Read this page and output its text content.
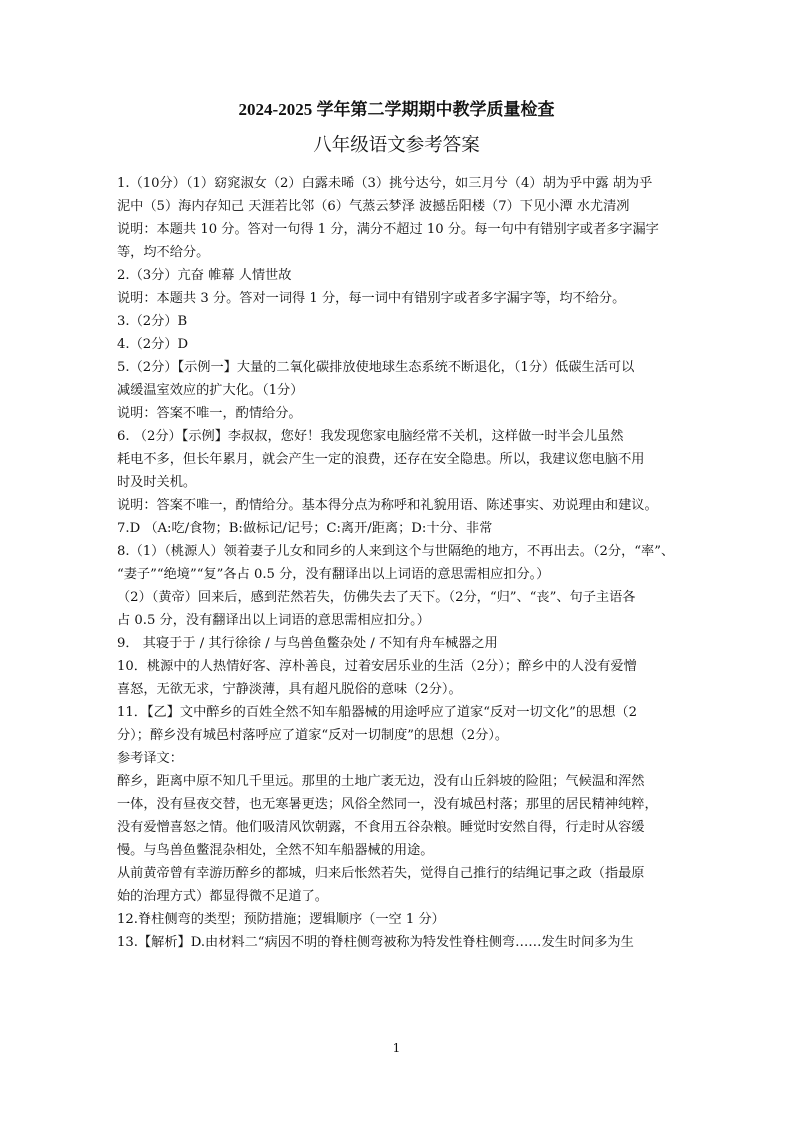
2024-2025 学年第二学期期中教学质量检查
八年级语文参考答案
1.（10分）（1）窈窕淑女（2）白露未晞（3）挑兮达兮，如三月兮（4）胡为乎中露 胡为乎
泥中（5）海内存知己 天涯若比邻（6）气蒸云梦泽 波撼岳阳楼（7）下见小潭 水尤清冽
说明：本题共 10 分。答对一句得 1 分，满分不超过 10 分。每一句中有错别字或者多字漏字
等，均不给分。
2.（3分）亢奋 帷幕 人情世故
说明：本题共 3 分。答对一词得 1 分，每一词中有错别字或者多字漏字等，均不给分。
3.（2分）B
4.（2分）D
5.（2分）【示例一】大量的二氧化碳排放使地球生态系统不断退化，（1分）低碳生活可以
减缓温室效应的扩大化。（1分）
说明：答案不唯一，酌情给分。
6. （2分）【示例】李叔叔，您好！我发现您家电脑经常不关机，这样做一时半会儿虽然
耗电不多，但长年累月，就会产生一定的浪费，还存在安全隐患。所以，我建议您电脑不用
时及时关机。
说明：答案不唯一，酌情给分。基本得分点为称呼和礼貌用语、陈述事实、劝说理由和建议。
7.D （A:吃/食物；B:做标记/记号；C:离开/距离；D:十分、非常
8.（1）（桃源人）领着妻子儿女和同乡的人来到这个与世隔绝的地方，不再出去。（2分，“率”、
“妻子”“绝境”“复”各占 0.5 分，没有翻译出以上词语的意思需相应扣分。）
（2）（黄帝）回来后，感到茫然若失，仿佛失去了天下。（2分，“归”、“丧”、句子主语各
占 0.5 分，没有翻译出以上词语的意思需相应扣分。）
9． 其寝于于 / 其行徐徐 / 与鸟兽鱼鳖杂处 / 不知有舟车械器之用
10．桃源中的人热情好客、淳朴善良，过着安居乐业的生活（2分）；醉乡中的人没有爱憎
喜怒，无欲无求，宁静淡薄，具有超凡脱俗的意味（2分）。
11．【乙】文中醉乡的百姓全然不知车船器械的用途呼应了道家“反对一切文化”的思想（2
分）；醉乡没有城邑村落呼应了道家“反对一切制度”的思想（2分）。
参考译文：
醉乡，距离中原不知几千里远。那里的土地广袤无边，没有山丘斜坡的险阻；气候温和浑然
一体，没有昼夜交替，也无寒暑更迭；风俗全然同一，没有城邑村落；那里的居民精神纯粹，
没有爱憎喜怒之情。他们吸清风饮朝露，不食用五谷杂粮。睡觉时安然自得，行走时从容缓
慢。与鸟兽鱼鳖混杂相处，全然不知车船器械的用途。
从前黄帝曾有幸游历醉乡的都城，归来后怅然若失，觉得自己推行的结绳记事之政（指最原
始的治理方式）都显得微不足道了。
12.脊柱侧弯的类型；预防措施；逻辑顺序（一空 1 分）
13.【解析】D.由材料二“病因不明的脊柱侧弯被称为特发性脊柱侧弯……发生时间多为生
1
